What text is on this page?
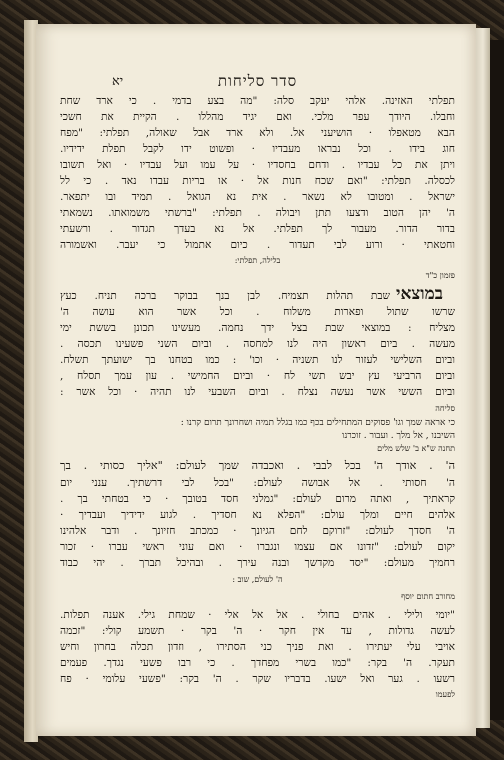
סדר סליחות
יא
תפלתי האזינה. אלהי יעקב סלה: "מה בצע בדמי . כי ארד שחת
וחבלו. היודך עפר מלכי. ואם יגיד מהללו . הקיית את חשכי
הבא מטאפלו · הושיעני אל. ולא ארד אבל שאולה, תפלתי: "מפח
חוג בידו . וכל נבראו מעבדיו · ופשוט ידו לקבל תפלת ידידיו.
ויתן את כל עבדיו . ודחם בחסדיו · על עמו ועל עבדיו · ואל תשובו
לכסלה. תפלתי: "ואם שכח חנות אל · או בריות עבדו נאד . כי לל
ישראל . ומטובו לא נשאר . אית נא הגואל . תמיד ובו יתפאר.
ה' יהן הטוב ודצעו תתן ויבולה . תפלתי: "ברשתי משמואתו. נשמאתי
בדור הדור. מעבור לך תפלתי. אל נא בעדך תגדור . ורשעתי
וחטאתי · ורוע לבי תעדור . כיום אתמול כי יעבר. ואשמורה
בלילה, תפלתי:
פזמון כ"ד
במוצאי
שבת תהלות תצמיח. לבן בנך בבוקר ברכה תניח. כעץ
שרשו שתול ופארות משלוח . וכל אשר הוא עושה ה'
מצליח : במוצאי שבת בצל ידך נחמה. מעשינו תכונן בששת ימי
מעשה . ביום ראשון היה לנו למחסה . וביום השני פשעינו תכסה .
וביום השלישי לעזור לנו תשניה · וכו' : כמו בטחנו בך ישועתך תשלח.
וביום הרביעי עץ יבש תשי לח · וביום החמישי . עון עמך תסלח ,
וביום הששי אשר נעשה נצלח . וביום השבעי לנו תהיה · וכל אשר :
סליחה
כי אראה שמך וגו' פסוקים המתחילים בכף כמו בגלל תמיה ושחרונך תרום קרנו :
השיבנו , אל מלך . ועבור . זוכרנו
תחנה ש"א ב' שלש מלים
ה' . אודך ה' בכל לבבי . ואכבדה שמך לעולם: "אליך כסותי . בך
ה' חסותי . אל אבושה לעולם: "בכל לבי דרשתיך. ענני יום
קראתיך , ואתה מרום לעולם: "גמלני חסד בטובך · כי בטחתי בך .
אלהים חיים ומלך עולם: "הפלא נא חסדיך . לגוע ידידיך ועבדיך ·
ה' חסדך לעולם: "זרוקם לחם הגיונך · כמכתב חזיונך . ודבר אלהינו
יקום לעולם: "זדונו אם עצמו ונגברו · ואם עוני ראשי עברו · זכור
רחמיך מעולם: "יסד מקדשך ובנה עירך . ובהיכל תברך . יהי כבוד
ה' לעולם, שוב :
מחורב חתום יוסף
"יומי ולילי . אהים בחולי . אל אל אלי · שמחת גילי. אענה תפלות.
לעשה גדולות , עד אין חקר · ה' בקר · תשמע קולי: "זכמה
אויבי עלי יעתירו . ואת פניך כני הסתירו , וזדון תכלה בחרון וחיש
תעקר. ה' בקר: "כמו בשרי מפחדך . כי רבו פשעי נגדך. פעמים
רשעו . גער ואל ישעו. בדבריו שקר . ה' בקר: "פשעי עלומי · פח
לפעמו
